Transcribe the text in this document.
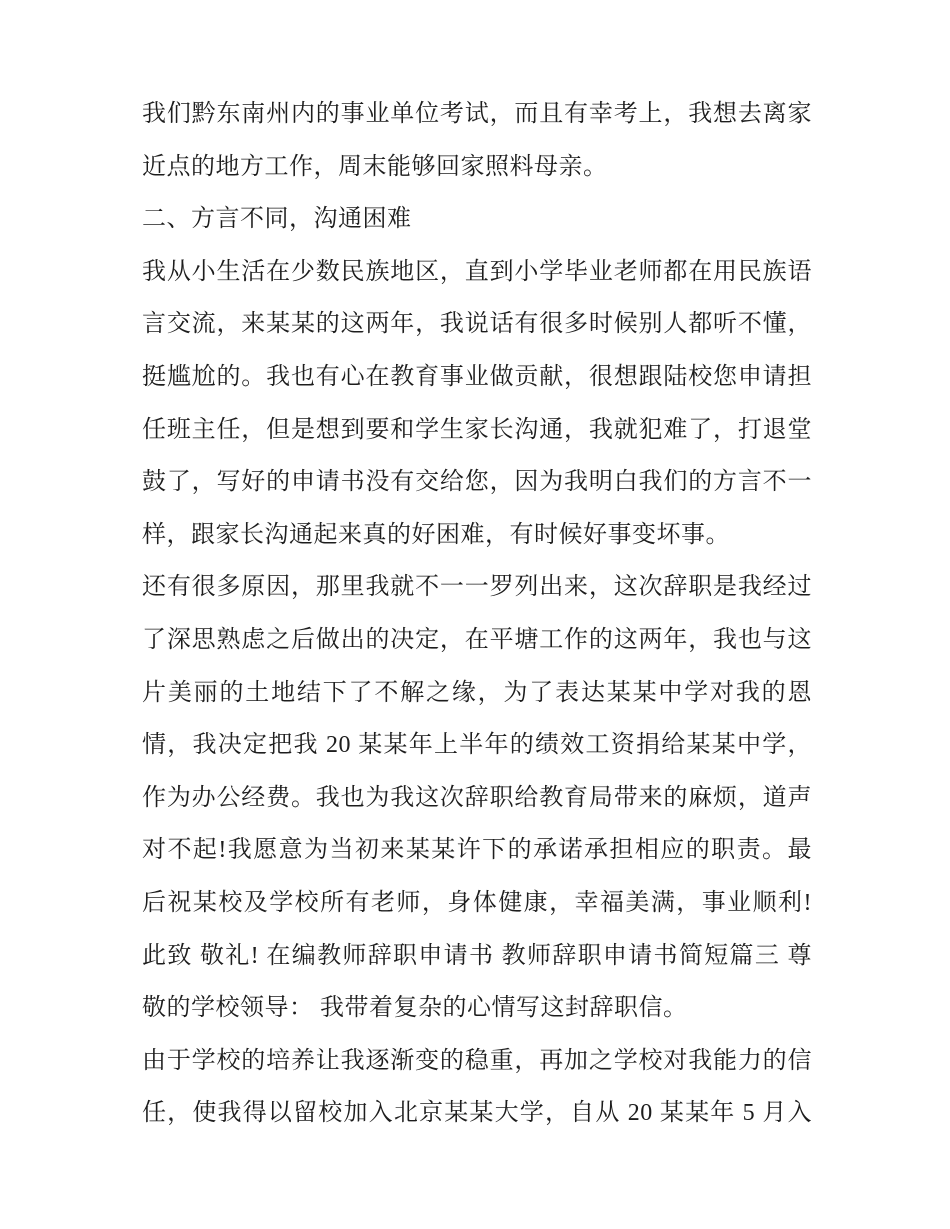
我们黔东南州内的事业单位考试，而且有幸考上，我想去离家
近点的地方工作，周末能够回家照料母亲。
二、方言不同，沟通困难
我从小生活在少数民族地区，直到小学毕业老师都在用民族语
言交流，来某某的这两年，我说话有很多时候别人都听不懂，
挺尴尬的。我也有心在教育事业做贡献，很想跟陆校您申请担
任班主任，但是想到要和学生家长沟通，我就犯难了，打退堂
鼓了，写好的申请书没有交给您，因为我明白我们的方言不一
样，跟家长沟通起来真的好困难，有时候好事变坏事。
还有很多原因，那里我就不一一罗列出来，这次辞职是我经过
了深思熟虑之后做出的决定，在平塘工作的这两年，我也与这
片美丽的土地结下了不解之缘，为了表达某某中学对我的恩
情，我决定把我 20 某某年上半年的绩效工资捐给某某中学，
作为办公经费。我也为我这次辞职给教育局带来的麻烦，道声
对不起!我愿意为当初来某某许下的承诺承担相应的职责。最
后祝某校及学校所有老师，身体健康，幸福美满，事业顺利!
此致 敬礼! 在编教师辞职申请书 教师辞职申请书简短篇三 尊
敬的学校领导： 我带着复杂的心情写这封辞职信。
由于学校的培养让我逐渐变的稳重，再加之学校对我能力的信
任，使我得以留校加入北京某某大学，自从 20 某某年 5 月入
